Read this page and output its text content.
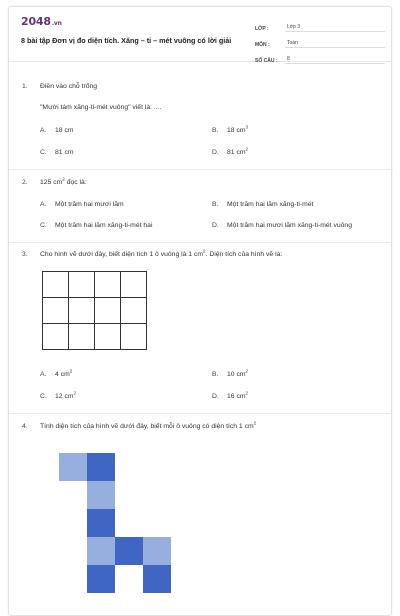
2048.vn
8 bài tập Đơn vị đo diện tích. Xăng – ti – mét vuông có lời giải
LỚP :	Lớp 3
MÔN :	Toán
SỐ CÂU :	8
1. Điền vào chỗ trống
"Mười tám xăng-ti-mét vuông" viết là: ....
A. 18 cm	B. 18 $cm^3$
C. 81 cm	D. 81 $cm^2$
2. 125 $cm^2$ đọc là:
A. Một trăm hai mươi lăm	B. Một trăm hai lăm xăng-ti-mét
C. Một trăm hai lăm xăng-ti-mét hai	D. Một trăm hai mươi lăm xăng-ti-mét vuông
3. Cho hình vẽ dưới đây, biết diện tích 1 ô vuông là 1 $cm^2$. Diện tích của hình vẽ là:

A. 4 $cm^2$	B. 10 $cm^2$
C. 12 $cm^2$	D. 16 $cm^2$
4. Tính diện tích của hình vẽ dưới đây, biết mỗi ô vuông có diện tích 1 $cm^2$
